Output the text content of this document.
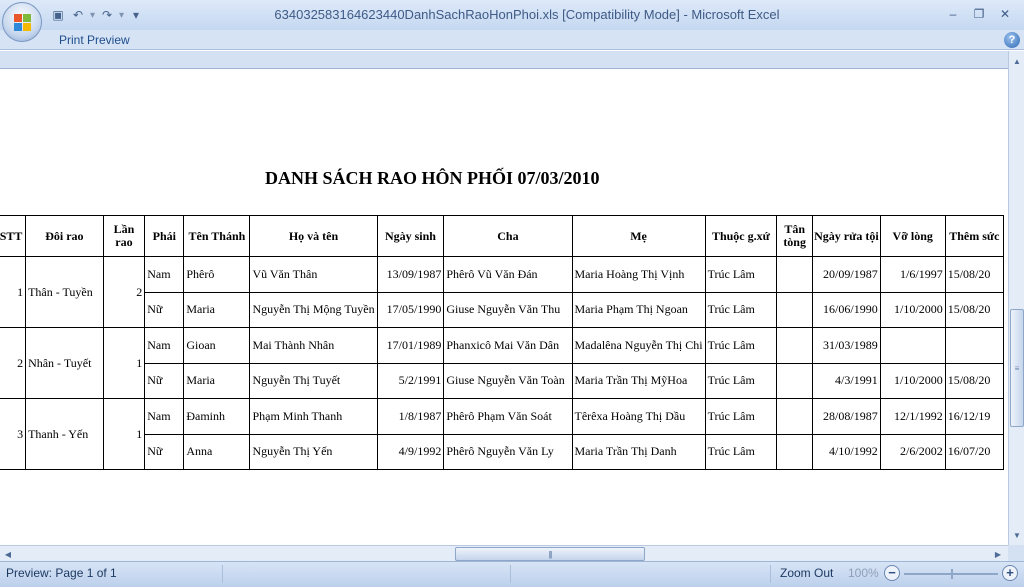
▣ ↶ ▾ ↷ ▾ ▾	634032583164623440DanhSachRaoHonPhoi.xls [Compatibility Mode] - Microsoft Excel	–	❐	✕
Print Preview	?
DANH SÁCH RAO HÔN PHỐI 07/03/2010
STT	Đôi rao	Lần rao	Phái	Tên Thánh	Họ và tên	Ngày sinh	Cha	Mẹ	Thuộc g.xứ	Tân tòng	Ngày rửa tội	Vỡ lòng	Thêm sức
1	Thân - Tuyền	2	Nam	Phêrô	Vũ Văn Thân	13/09/1987	Phêrô Vũ Văn Đán	Maria Hoàng Thị Vịnh	Trúc Lâm		20/09/1987	1/6/1997	15/08/20
			Nữ	Maria	Nguyễn Thị Mộng Tuyền	17/05/1990	Giuse Nguyễn Văn Thu	Maria Phạm Thị Ngoan	Trúc Lâm		16/06/1990	1/10/2000	15/08/20
2	Nhân - Tuyết	1	Nam	Gioan	Mai Thành Nhân	17/01/1989	Phanxicô Mai Văn Dân	Madalêna Nguyễn Thị Chi	Trúc Lâm		31/03/1989		
			Nữ	Maria	Nguyễn Thị Tuyết	5/2/1991	Giuse Nguyễn Văn Toàn	Maria Trần Thị MỹHoa	Trúc Lâm		4/3/1991	1/10/2000	15/08/20
3	Thanh - Yến	1	Nam	Đaminh	Phạm Minh Thanh	1/8/1987	Phêrô Phạm Văn Soát	Têrêxa Hoàng Thị Dầu	Trúc Lâm		28/08/1987	12/1/1992	16/12/19
			Nữ	Anna	Nguyễn Thị Yến	4/9/1992	Phêrô Nguyễn Văn Ly	Maria Trần Thị Danh	Trúc Lâm		4/10/1992	2/6/2002	16/07/20
▲
≡
▼
◀	|||	▶
Preview: Page 1 of 1	Zoom Out 100% −	+
